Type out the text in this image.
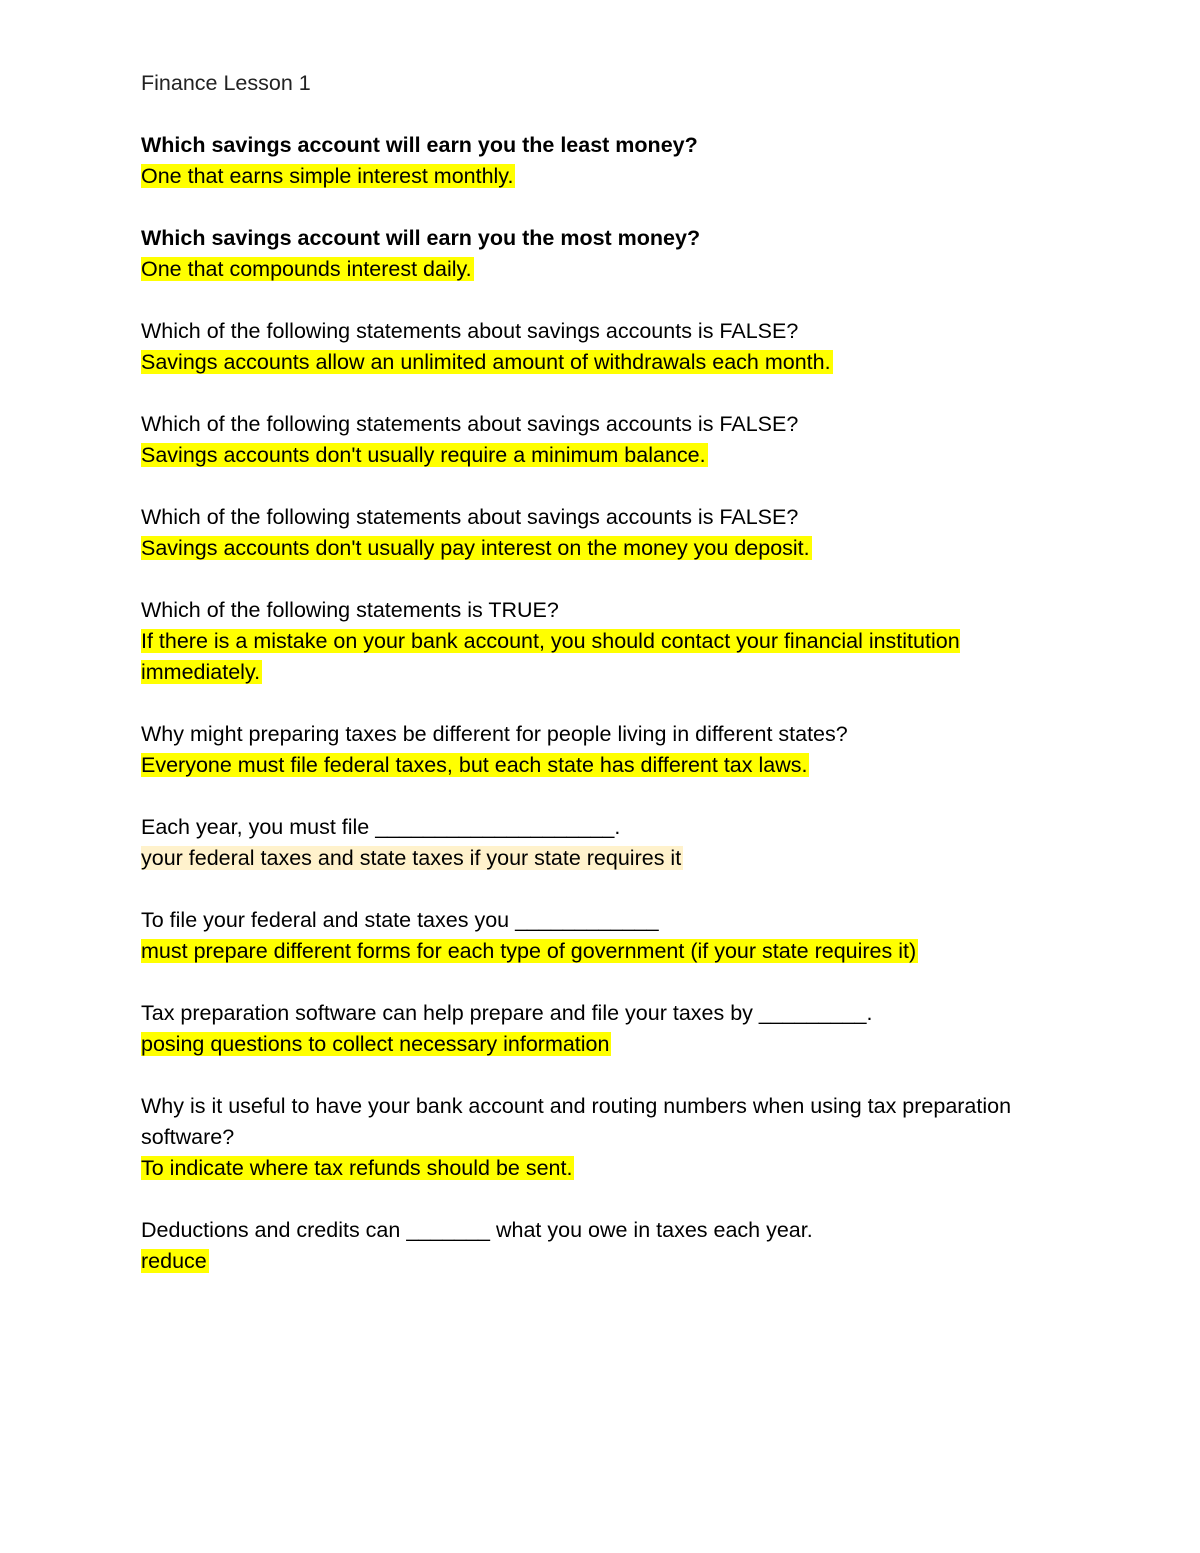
Finance Lesson 1

Which savings account will earn you the least money?

One that earns simple interest monthly.

Which savings account will earn you the most money?

One that compounds interest daily.

Which of the following statements about savings accounts is FALSE?

Savings accounts allow an unlimited amount of withdrawals each month.

Which of the following statements about savings accounts is FALSE?

Savings accounts don't usually require a minimum balance.

Which of the following statements about savings accounts is FALSE?

Savings accounts don't usually pay interest on the money you deposit.

Which of the following statements is TRUE?

If there is a mistake on your bank account, you should contact your financial institution immediately.

Why might preparing taxes be different for people living in different states?

Everyone must file federal taxes, but each state has different tax laws.

Each year, you must file ____________________.

your federal taxes and state taxes if your state requires it

To file your federal and state taxes you ____________

must prepare different forms for each type of government (if your state requires it)

Tax preparation software can help prepare and file your taxes by _________.

posing questions to collect necessary information

Why is it useful to have your bank account and routing numbers when using tax preparation software?

To indicate where tax refunds should be sent.

Deductions and credits can _______ what you owe in taxes each year.

reduce
